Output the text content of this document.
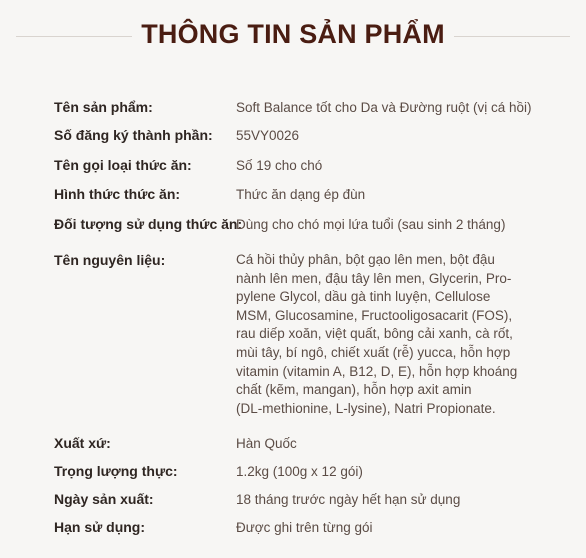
THÔNG TIN SẢN PHẨM
Tên sản phẩm:	Soft Balance tốt cho Da và Đường ruột (vị cá hồi)
Số đăng ký thành phần:	55VY0026
Tên gọi loại thức ăn:	Số 19 cho chó
Hình thức thức ăn:	Thức ăn dạng ép đùn
Đối tượng sử dụng thức ăn:
Dùng cho chó mọi lứa tuổi (sau sinh 2 tháng)
Tên nguyên liệu:	Cá hồi thủy phân, bột gạo lên men, bột đậu
nành lên men, đậu tây lên men, Glycerin, Pro-
pylene Glycol, dầu gà tinh luyện, Cellulose
MSM, Glucosamine, Fructooligosacarit (FOS),
rau diếp xoăn, việt quất, bông cải xanh, cà rốt,
mùi tây, bí ngô, chiết xuất (rễ) yucca, hỗn hợp
vitamin (vitamin A, B12, D, E), hỗn hợp khoáng
chất (kẽm, mangan), hỗn hợp axit amin
(DL-methionine, L-lysine), Natri Propionate.
Xuất xứ:	Hàn Quốc
Trọng lượng thực:	1.2kg (100g x 12 gói)
Ngày sản xuất:	18 tháng trước ngày hết hạn sử dụng
Hạn sử dụng:	Được ghi trên từng gói
